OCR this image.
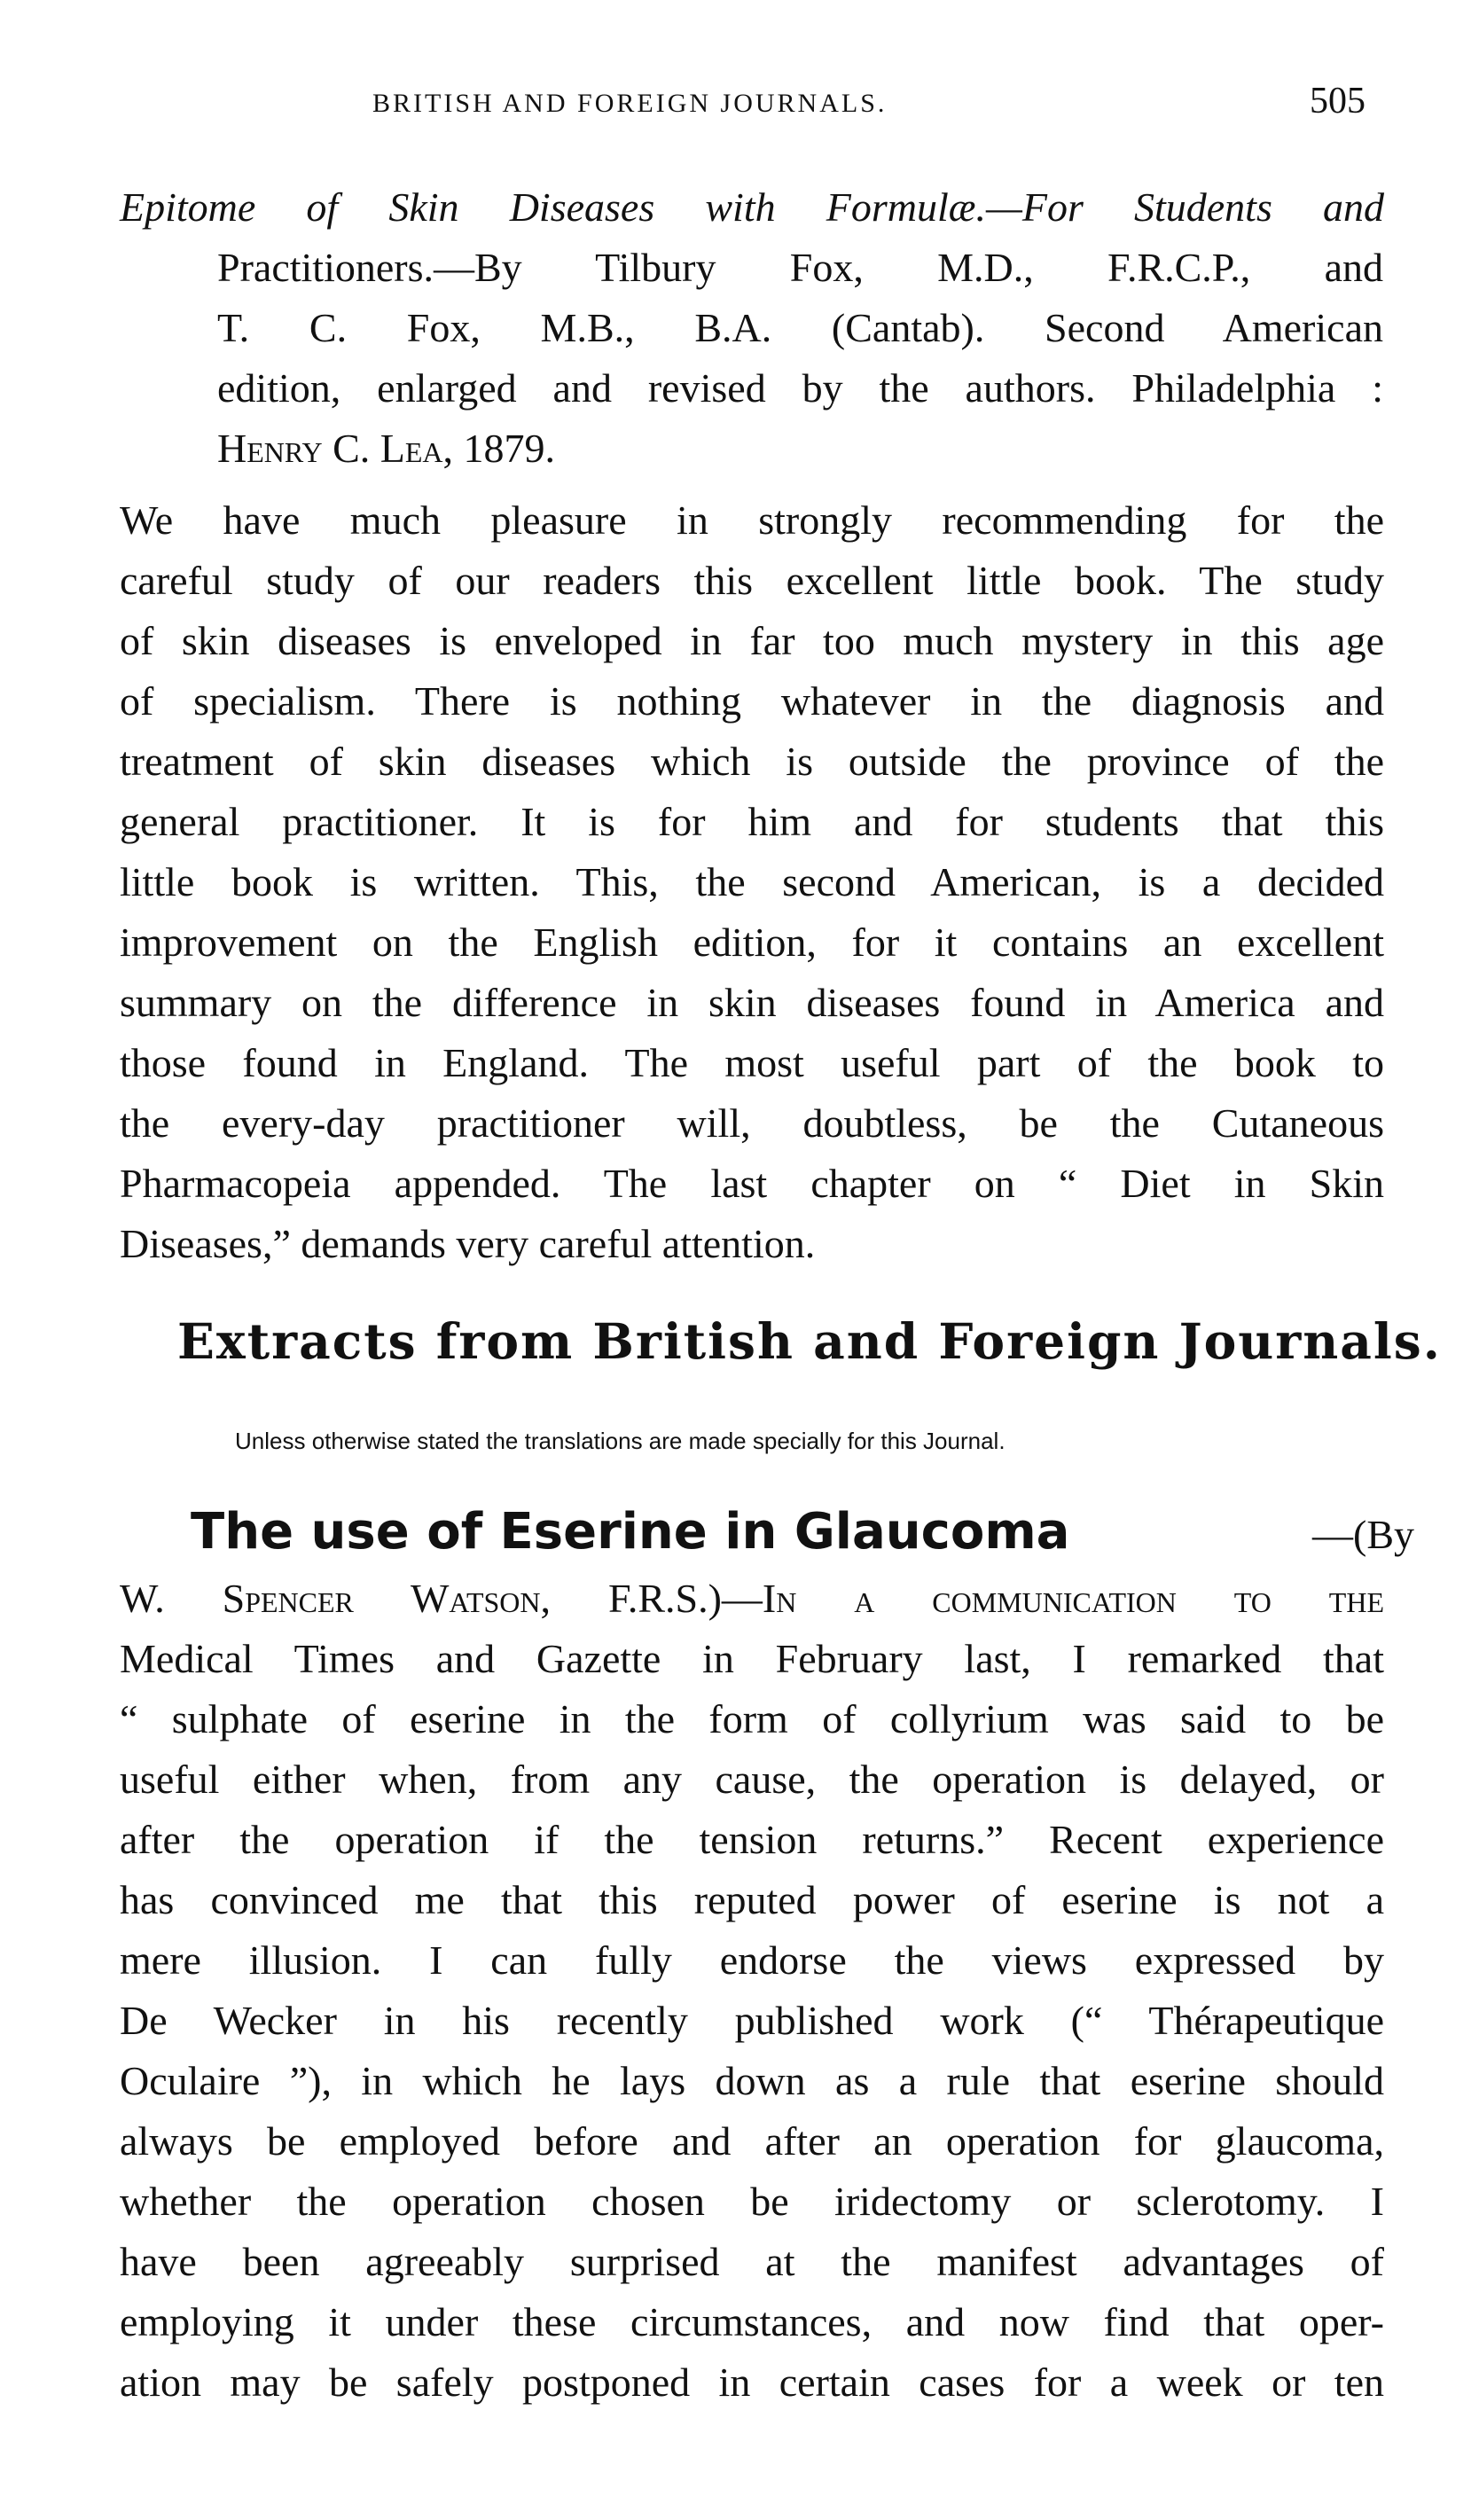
BRITISH AND FOREIGN JOURNALS.	505
Epitome of Skin Diseases with Formulæ.—For Students and
Practitioners.—By Tilbury Fox, M.D., F.R.C.P., and
T. C. Fox, M.B., B.A. (Cantab). Second American
edition, enlarged and revised by the authors. Philadelphia :
Henry C. Lea, 1879.
We have much pleasure in strongly recommending for the
careful study of our readers this excellent little book. The study
of skin diseases is enveloped in far too much mystery in this age
of specialism. There is nothing whatever in the diagnosis and
treatment of skin diseases which is outside the province of the
general practitioner. It is for him and for students that this
little book is written. This, the second American, is a decided
improvement on the English edition, for it contains an excellent
summary on the difference in skin diseases found in America and
those found in England. The most useful part of the book to
the every-day practitioner will, doubtless, be the Cutaneous
Pharmacopeia appended. The last chapter on “ Diet in Skin
Diseases,” demands very careful attention.
Extracts from British and Foreign Journals.
Unless otherwise stated the translations are made specially for this Journal.
The use of Eserine in Glaucoma	—(By
W. Spencer Watson, F.R.S.)—In a communication to the
Medical Times and Gazette in February last, I remarked that
“ sulphate of eserine in the form of collyrium was said to be
useful either when, from any cause, the operation is delayed, or
after the operation if the tension returns.” Recent experience
has convinced me that this reputed power of eserine is not a
mere illusion. I can fully endorse the views expressed by
De Wecker in his recently published work (“ Thérapeutique
Oculaire ”), in which he lays down as a rule that eserine should
always be employed before and after an operation for glaucoma,
whether the operation chosen be iridectomy or sclerotomy. I
have been agreeably surprised at the manifest advantages of
employing it under these circumstances, and now find that oper-
ation may be safely postponed in certain cases for a week or ten
